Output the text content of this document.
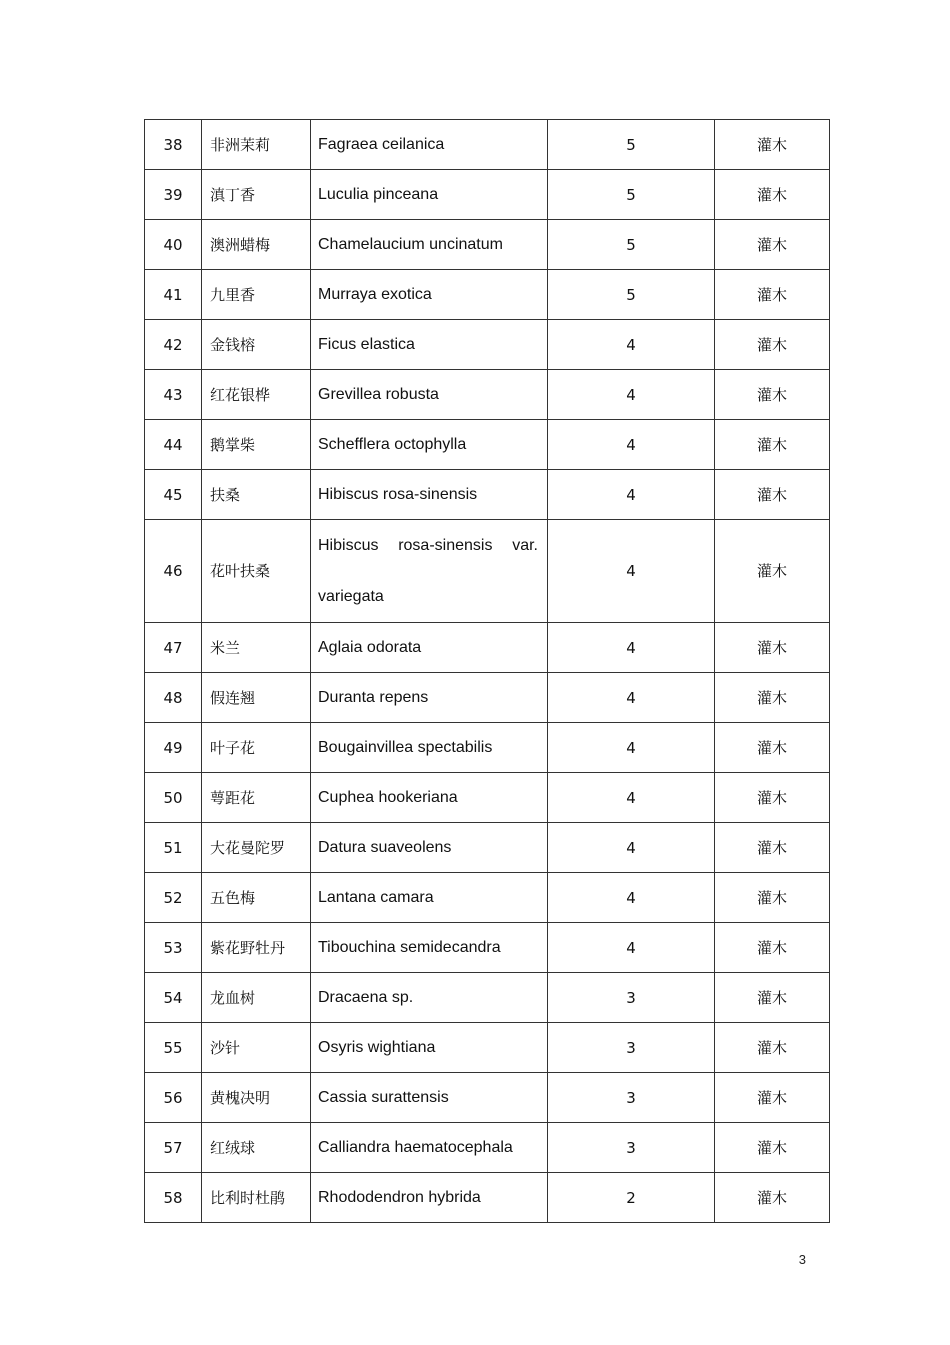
38	非洲茉莉	Fagraea ceilanica	5	灌木
39	滇丁香	Luculia pinceana	5	灌木
40	澳洲蜡梅	Chamelaucium uncinatum	5	灌木
41	九里香	Murraya exotica	5	灌木
42	金钱榕	Ficus elastica	4	灌木
43	红花银桦	Grevillea robusta	4	灌木
44	鹅掌柴	Schefflera octophylla	4	灌木
45	扶桑	Hibiscus rosa-sinensis	4	灌木
46	花叶扶桑	Hibiscus rosa-sinensis var. variegata	4	灌木
47	米兰	Aglaia odorata	4	灌木
48	假连翘	Duranta repens	4	灌木
49	叶子花	Bougainvillea spectabilis	4	灌木
50	萼距花	Cuphea hookeriana	4	灌木
51	大花曼陀罗	Datura suaveolens	4	灌木
52	五色梅	Lantana camara	4	灌木
53	紫花野牡丹	Tibouchina semidecandra	4	灌木
54	龙血树	Dracaena sp.	3	灌木
55	沙针	Osyris wightiana	3	灌木
56	黄槐决明	Cassia surattensis	3	灌木
57	红绒球	Calliandra haematocephala	3	灌木
58	比利时杜鹃	Rhododendron hybrida	2	灌木
3
